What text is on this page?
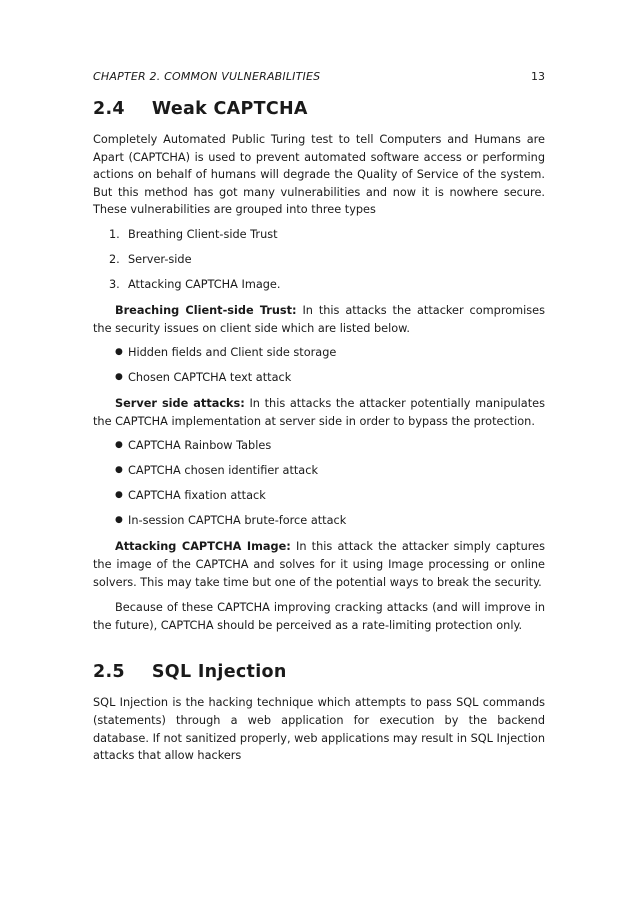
CHAPTER 2. COMMON VULNERABILITIES	13
2.4 Weak CAPTCHA

Completely Automated Public Turing test to tell Computers and Humans are Apart (CAPTCHA) is used to prevent automated software access or performing actions on behalf of humans will degrade the Quality of Service of the system. But this method has got many vulnerabilities and now it is nowhere secure. These vulnerabilities are grouped into three types

1. Breathing Client-side Trust
2. Server-side
3. Attacking CAPTCHA Image.

Breaching Client-side Trust: In this attacks the attacker compromises the security issues on client side which are listed below.

● Hidden fields and Client side storage
● Chosen CAPTCHA text attack

Server side attacks: In this attacks the attacker potentially manipulates the CAPTCHA implementation at server side in order to bypass the protection.

● CAPTCHA Rainbow Tables
● CAPTCHA chosen identifier attack
● CAPTCHA fixation attack
● In-session CAPTCHA brute-force attack

Attacking CAPTCHA Image: In this attack the attacker simply captures the image of the CAPTCHA and solves for it using Image processing or online solvers. This may take time but one of the potential ways to break the security.

Because of these CAPTCHA improving cracking attacks (and will improve in the future), CAPTCHA should be perceived as a rate-limiting protection only.

2.5 SQL Injection

SQL Injection is the hacking technique which attempts to pass SQL commands (statements) through a web application for execution by the backend database. If not sanitized properly, web applications may result in SQL Injection attacks that allow hackers
